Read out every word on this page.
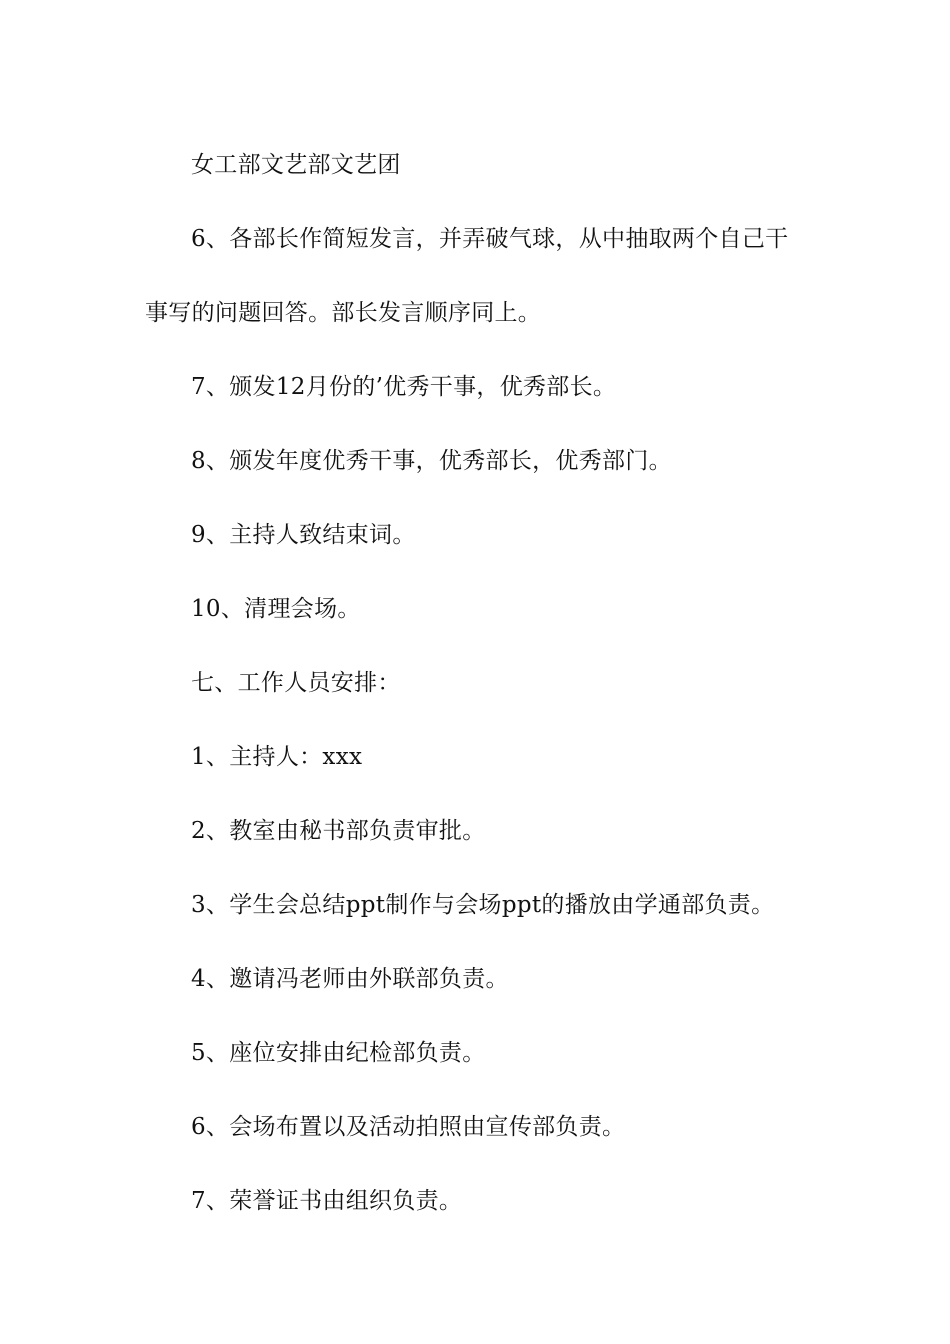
女工部文艺部文艺团

6、各部长作简短发言，并弄破气球，从中抽取两个自己干事写的问题回答。部长发言顺序同上。

7、颁发12月份的’优秀干事，优秀部长。

8、颁发年度优秀干事，优秀部长，优秀部门。

9、主持人致结束词。

10、清理会场。

七、工作人员安排：

1、主持人：xxx

2、教室由秘书部负责审批。

3、学生会总结ppt制作与会场ppt的播放由学通部负责。

4、邀请冯老师由外联部负责。

5、座位安排由纪检部负责。

6、会场布置以及活动拍照由宣传部负责。

7、荣誉证书由组织负责。
